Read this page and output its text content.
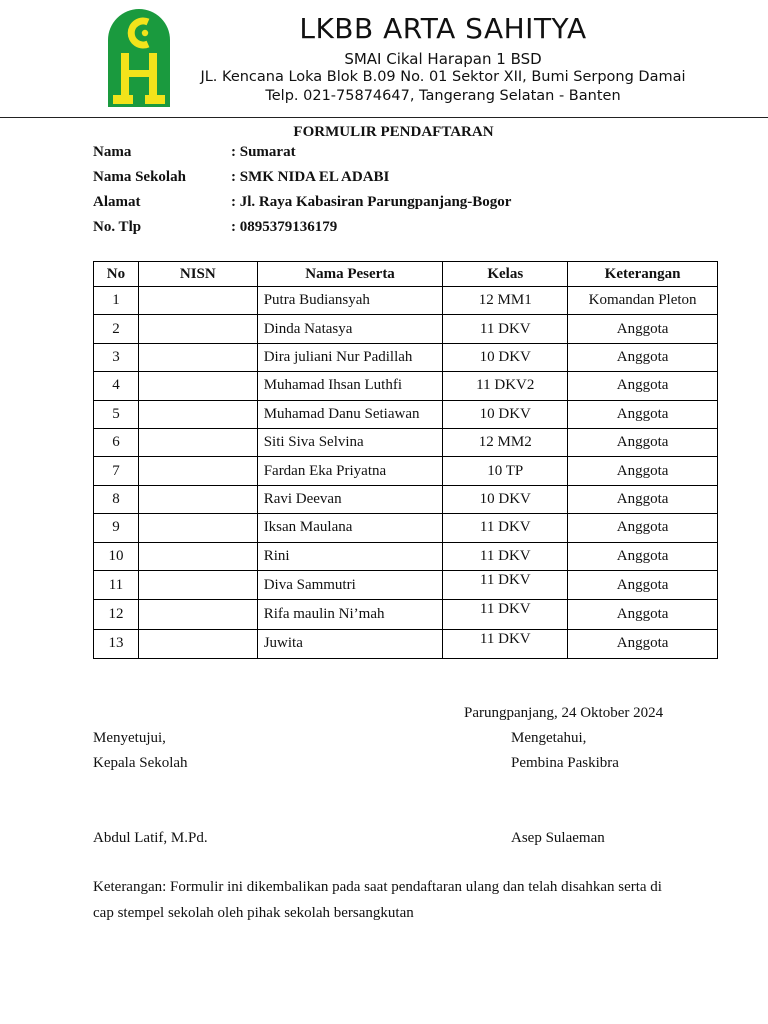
LKBB ARTA SAHITYA
SMAI Cikal Harapan 1 BSD
JL. Kencana Loka Blok B.09 No. 01 Sektor XII, Bumi Serpong Damai
Telp. 021-75874647, Tangerang Selatan - Banten
FORMULIR PENDAFTARAN
Nama	: Sumarat
Nama Sekolah	: SMK NIDA EL ADABI
Alamat	: Jl. Raya Kabasiran Parungpanjang-Bogor
No. Tlp	: 0895379136179
No	NISN	Nama Peserta	Kelas	Keterangan
1		Putra Budiansyah	12 MM1	Komandan Pleton
2		Dinda Natasya	11 DKV	Anggota
3		Dira juliani Nur Padillah	10 DKV	Anggota
4		Muhamad Ihsan Luthfi	11 DKV2	Anggota
5		Muhamad Danu Setiawan	10 DKV	Anggota
6		Siti Siva Selvina	12 MM2	Anggota
7		Fardan Eka Priyatna	10 TP	Anggota
8		Ravi Deevan	10 DKV	Anggota
9		Iksan Maulana	11 DKV	Anggota
10		Rini	11 DKV	Anggota
11		Diva Sammutri	11 DKV	Anggota
12		Rifa maulin Ni’mah	11 DKV	Anggota
13		Juwita	11 DKV	Anggota
Parungpanjang, 24 Oktober 2024
Menyetujui,
Kepala Sekolah
Abdul Latif, M.Pd.
Mengetahui,
Pembina Paskibra
Asep Sulaeman
Keterangan: Formulir ini dikembalikan pada saat pendaftaran ulang dan telah disahkan serta di
cap stempel sekolah oleh pihak sekolah bersangkutan
